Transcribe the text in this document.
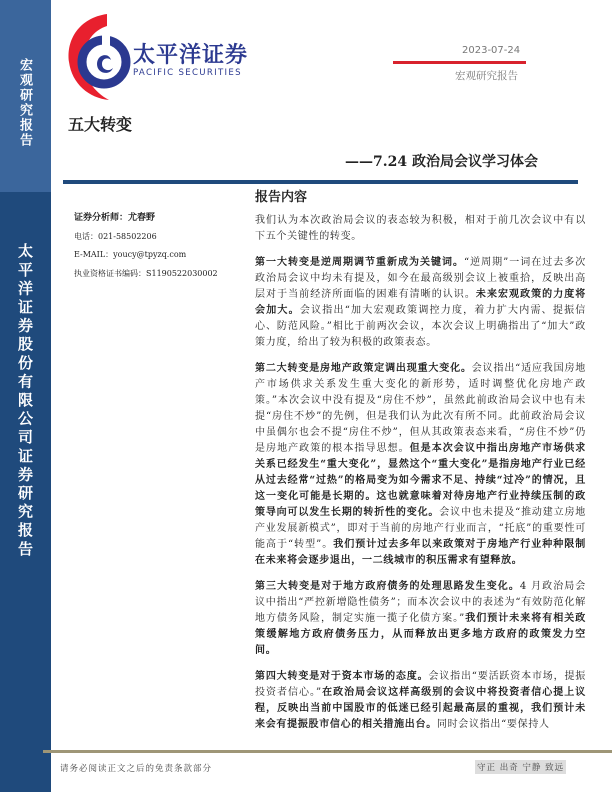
宏观研究报告
太平洋证券股份有限公司证券研究报告
太平洋证券
PACIFIC SECURITIES
2023-07-24
宏观研究报告
五大转变
——7.24 政治局会议学习体会
证券分析师：尤春野
电话：021-58502206
E-MAIL：youcy@tpyzq.com
执业资格证书编码：S1190522030002
报告内容

我们认为本次政治局会议的表态较为积极，相对于前几次会议中有以下五个关键性的转变。

第一大转变是逆周期调节重新成为关键词。“逆周期”一词在过去多次政治局会议中均未有提及，如今在最高级别会议上被重拾，反映出高层对于当前经济所面临的困难有清晰的认识。未来宏观政策的力度将会加大。会议指出“加大宏观政策调控力度，着力扩大内需、提振信心、防范风险。”相比于前两次会议，本次会议上明确指出了“加大”政策力度，给出了较为积极的政策表态。

第二大转变是房地产政策定调出现重大变化。会议指出“适应我国房地产市场供求关系发生重大变化的新形势，适时调整优化房地产政策。”本次会议中没有提及“房住不炒”，虽然此前政治局会议中也有未提“房住不炒”的先例，但是我们认为此次有所不同。此前政治局会议中虽偶尔也会不提“房住不炒”，但从其政策表态来看，“房住不炒”仍是房地产政策的根本指导思想。但是本次会议中指出房地产市场供求关系已经发生“重大变化”，显然这个“重大变化”是指房地产行业已经从过去经常“过热”的格局变为如今需求不足、持续“过冷”的情况，且这一变化可能是长期的。这也就意味着对待房地产行业持续压制的政策导向可以发生长期的转折性的变化。会议中也未提及“推动建立房地产业发展新模式”，即对于当前的房地产行业而言，“托底”的重要性可能高于“转型”。我们预计过去多年以来政策对于房地产行业种种限制在未来将会逐步退出，一二线城市的积压需求有望释放。

第三大转变是对于地方政府债务的处理思路发生变化。4 月政治局会议中指出“严控新增隐性债务”；而本次会议中的表述为“有效防范化解地方债务风险，制定实施一揽子化债方案。”我们预计未来将有相关政策缓解地方政府债务压力，从而释放出更多地方政府的政策发力空间。

第四大转变是对于资本市场的态度。会议指出“要活跃资本市场，提振投资者信心。”在政治局会议这样高级别的会议中将投资者信心提上议程，反映出当前中国股市的低迷已经引起最高层的重视，我们预计未来会有提振股市信心的相关措施出台。同时会议指出“要保持人

请务必阅读正文之后的免责条款部分	守正 出奇 宁静 致远
